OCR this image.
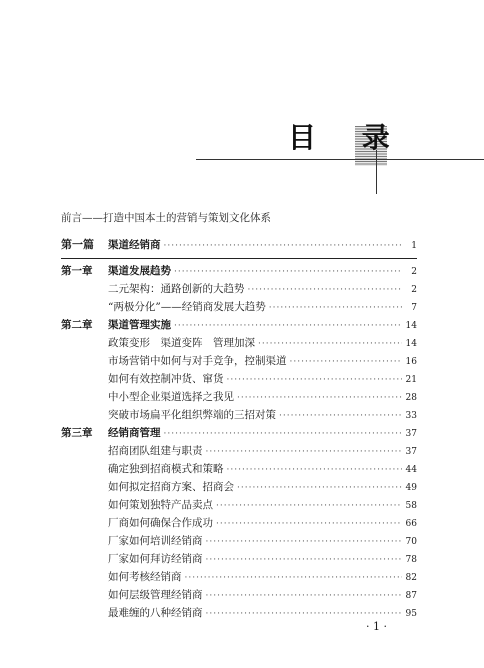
目 录
前言——打造中国本土的营销与策划文化体系
第一篇 渠道经销商 ·····	1
第一章 渠道发展趋势 ·····	2
二元架构：通路创新的大趋势 ·····	2
“两极分化”——经销商发展大趋势 ·····	7
第二章 渠道管理实施 ·····	14
政策变形　渠道变阵　管理加深 ·····	14
市场营销中如何与对手竞争，控制渠道 ·····	16
如何有效控制冲货、窜货 ·····	21
中小型企业渠道选择之我见 ·····	28
突破市场扁平化组织弊端的三招对策 ·····	33
第三章 经销商管理 ·····	37
招商团队组建与职责 ·····	37
确定独到招商模式和策略 ·····	44
如何拟定招商方案、招商会 ·····	49
如何策划独特产品卖点 ·····	58
厂商如何确保合作成功 ·····	66
厂家如何培训经销商 ·····	70
厂家如何拜访经销商 ·····	78
如何考核经销商 ·····	82
如何层级管理经销商 ·····	87
最难缠的八种经销商 ·····	95
· 1 ·
